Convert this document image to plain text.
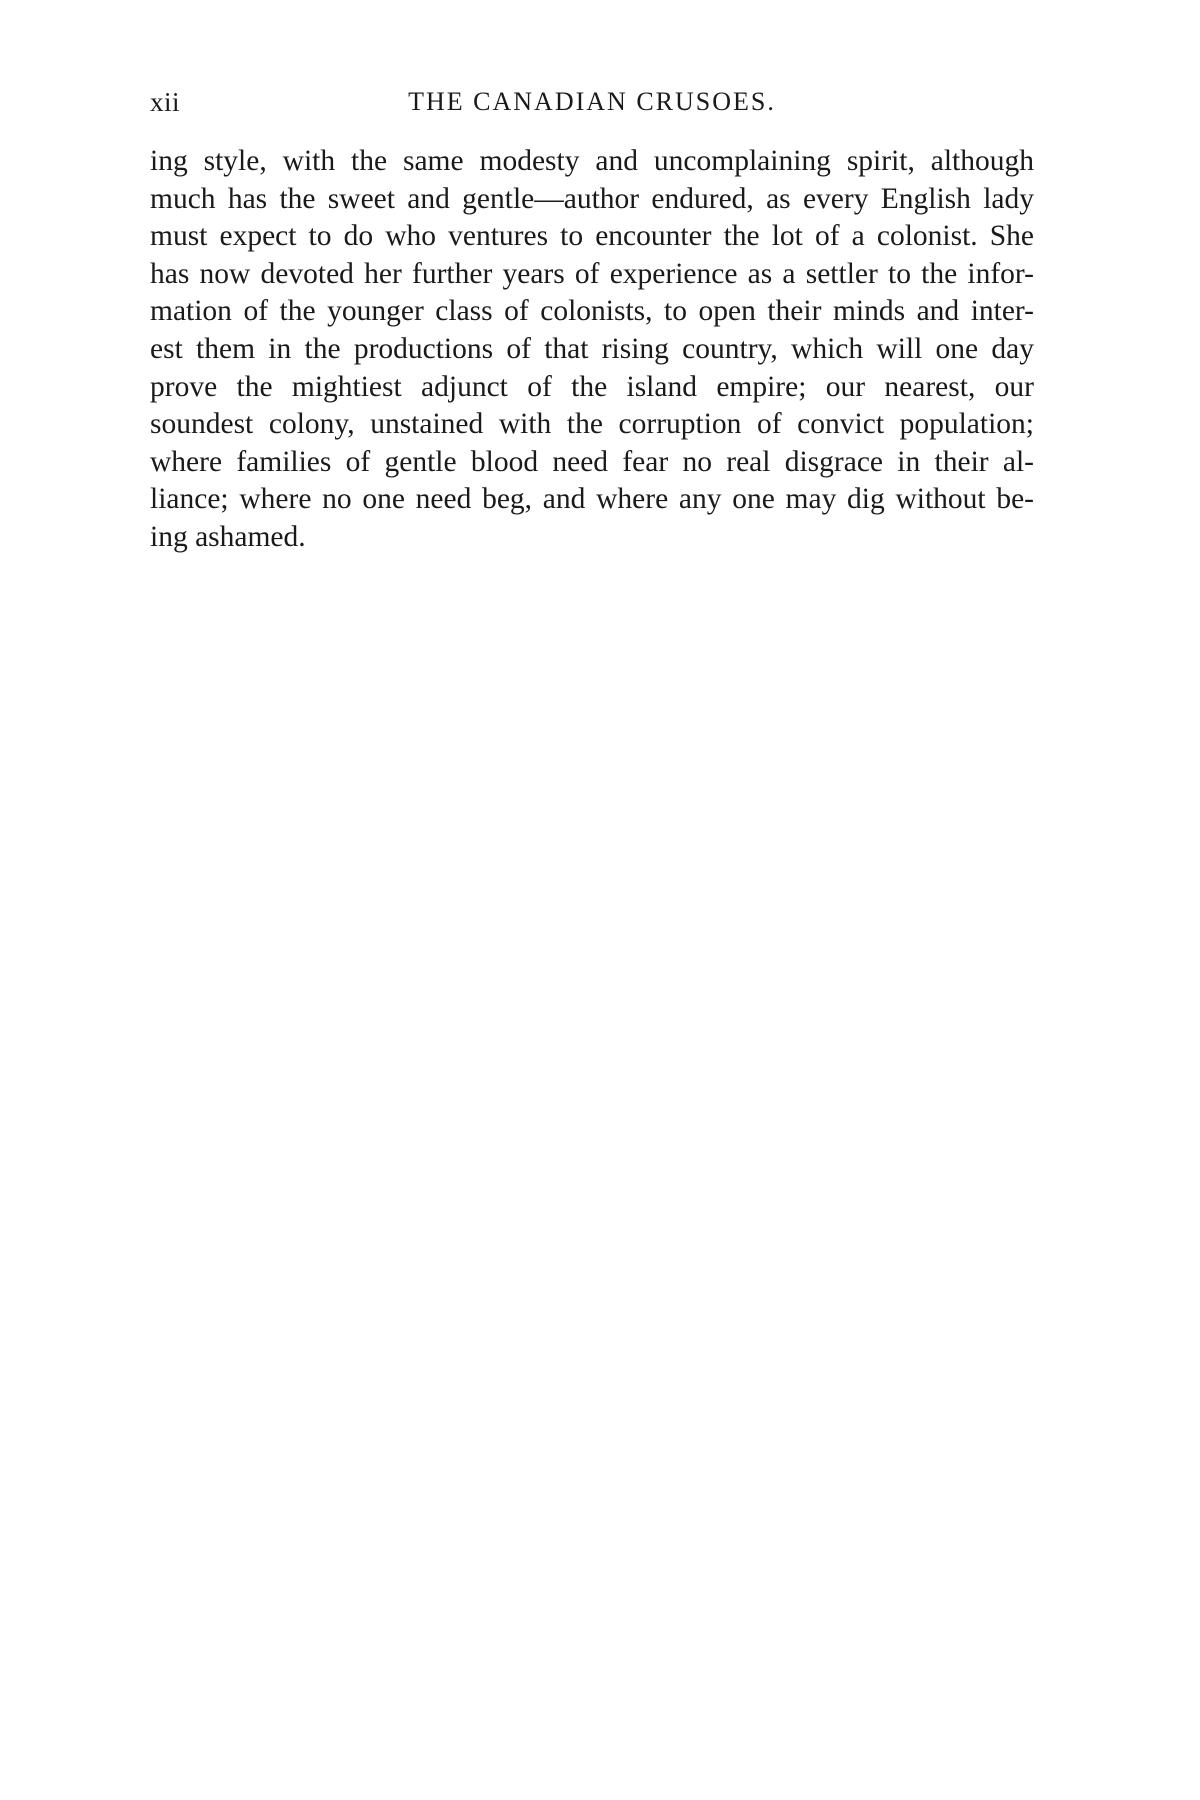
xii	THE CANADIAN CRUSOES.
ing style, with the same modesty and uncomplaining spirit, although
much has the sweet and gentle—author endured, as every English lady
must expect to do who ventures to encounter the lot of a colonist. She
has now devoted her further years of experience as a settler to the infor-
mation of the younger class of colonists, to open their minds and inter-
est them in the productions of that rising country, which will one day
prove the mightiest adjunct of the island empire; our nearest, our
soundest colony, unstained with the corruption of convict population;
where families of gentle blood need fear no real disgrace in their al-
liance; where no one need beg, and where any one may dig without be-
ing ashamed.
